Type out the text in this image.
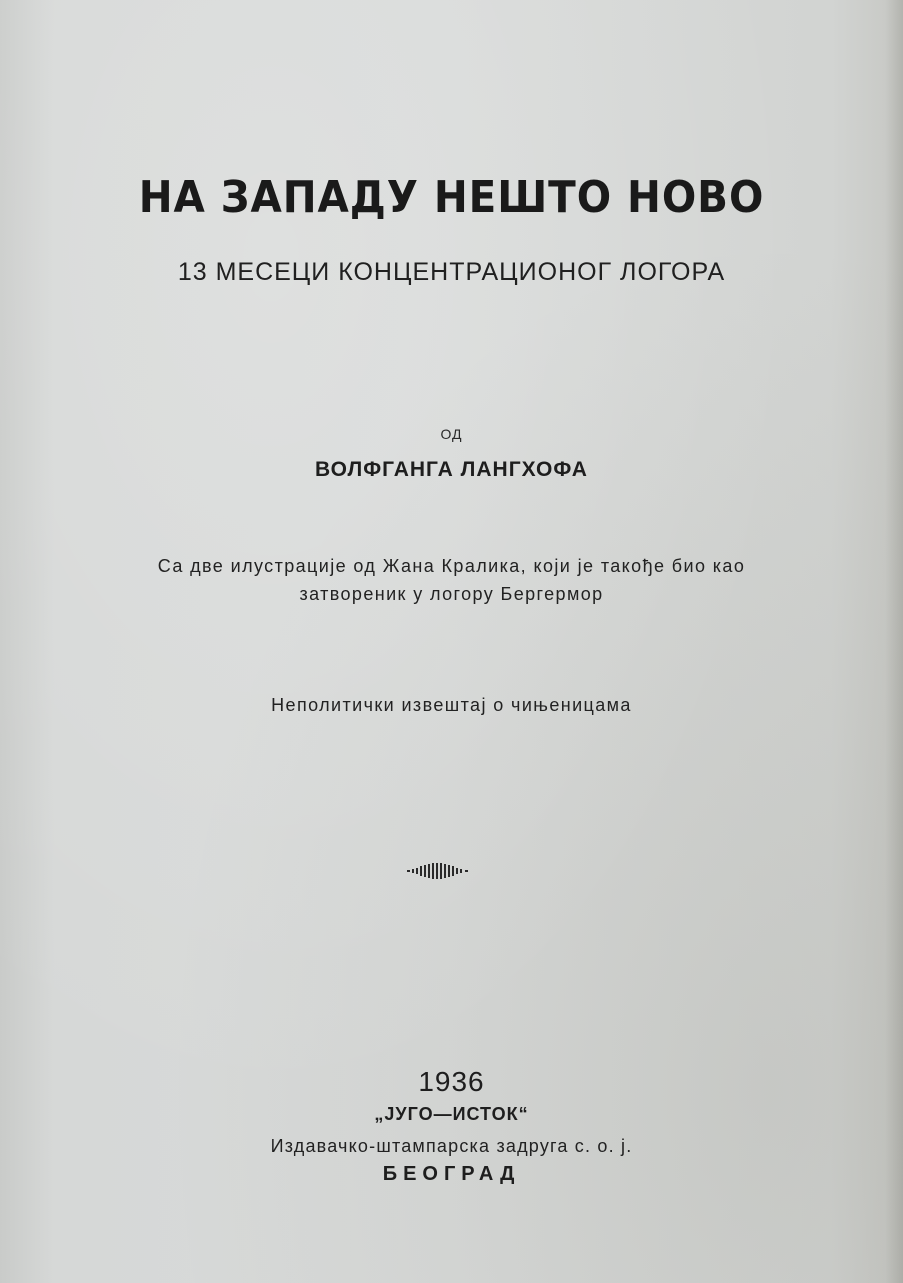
НА ЗАПАДУ НЕШТО НОВО
13 МЕСЕЦИ КОНЦЕНТРАЦИОНОГ ЛОГОРА
ОД
ВОЛФГАНГА ЛАНГХОФА
Са две илустрације од Жана Кралика, који је такође био као
затвореник у логору Бергермор
Неполитички извештај о чињеницама
1936
„ЈУГО—ИСТОК“
Издавачко-штампарска задруга с. о. ј.
БЕОГРАД
